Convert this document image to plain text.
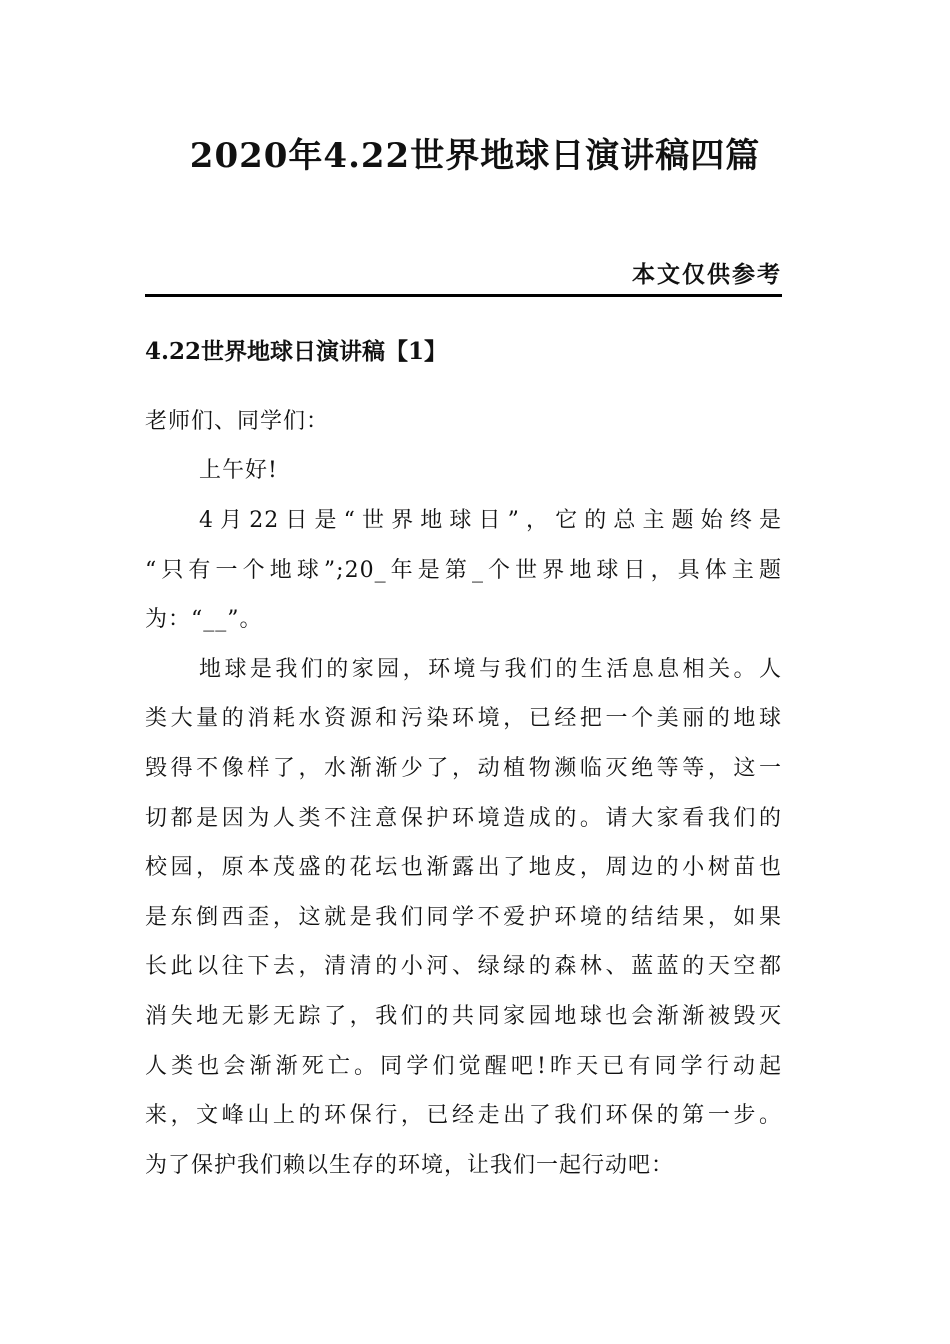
2020年4.22世界地球日演讲稿四篇
本文仅供参考
4.22世界地球日演讲稿【1】
老师们、同学们：
上午好!
4月22日是“世界地球日”，它的总主题始终是
“只有一个地球”;20_年是第_个世界地球日，具体主题
为：“__”。
地球是我们的家园，环境与我们的生活息息相关。人
类大量的消耗水资源和污染环境，已经把一个美丽的地球
毁得不像样了，水渐渐少了，动植物濒临灭绝等等，这一
切都是因为人类不注意保护环境造成的。请大家看我们的
校园，原本茂盛的花坛也渐露出了地皮，周边的小树苗也
是东倒西歪，这就是我们同学不爱护环境的结结果，如果
长此以往下去，清清的小河、绿绿的森林、蓝蓝的天空都
消失地无影无踪了，我们的共同家园地球也会渐渐被毁灭
人类也会渐渐死亡。同学们觉醒吧!昨天已有同学行动起
来，文峰山上的环保行，已经走出了我们环保的第一步。
为了保护我们赖以生存的环境，让我们一起行动吧：
